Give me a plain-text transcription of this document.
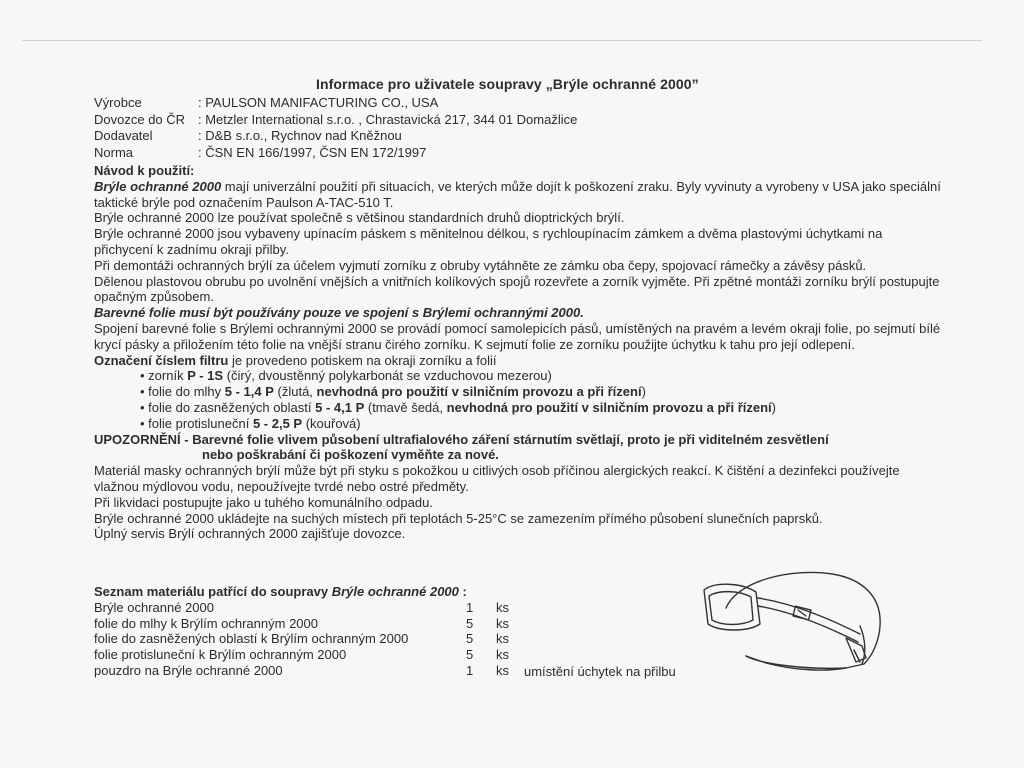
Informace pro uživatele soupravy „Brýle ochranné 2000”
Výrobce	: PAULSON MANIFACTURING CO., USA
Dovozce do ČR : Metzler International s.r.o. , Chrastavická 217, 344 01 Domažlice
Dodavatel	: D&B s.r.o., Rychnov nad Kněžnou
Norma	: ČSN EN 166/1997, ČSN EN 172/1997

Návod k použití:

Brýle ochranné 2000 mají univerzální použití při situacích, ve kterých může dojít k poškození zraku. Byly vyvinuty a vyrobeny v USA jako speciální taktické brýle pod označením Paulson A-TAC-510 T.

Brýle ochranné 2000 lze používat společně s většinou standardních druhů dioptrických brýlí.

Brýle ochranné 2000 jsou vybaveny upínacím páskem s měnitelnou délkou, s rychloupínacím zámkem a dvěma plastovými úchytkami na přichycení k zadnímu okraji přilby.

Při demontáži ochranných brýlí za účelem vyjmutí zorníku z obruby vytáhněte ze zámku oba čepy, spojovací rámečky a závěsy pásků.

Dělenou plastovou obrubu po uvolnění vnějších a vnitřních kolíkových spojů rozevřete a zorník vyjměte. Při zpětné montáži zorníku brýlí postupujte opačným způsobem.

Barevné folie musí být používány pouze ve spojení s Brýlemi ochrannými 2000.

Spojení barevné folie s Brýlemi ochrannými 2000 se provádí pomocí samolepicích pásů, umístěných na pravém a levém okraji folie, po sejmutí bílé krycí pásky a přiložením této folie na vnější stranu čirého zorníku. K sejmutí folie ze zorníku použijte úchytku k tahu pro její odlepení.

Označení číslem filtru je provedeno potiskem na okraji zorníku a folií

• zorník P - 1S (čirý, dvoustěnný polykarbonát se vzduchovou mezerou)
• folie do mlhy 5 - 1,4 P (žlutá, nevhodná pro použití v silničním provozu a při řízení)
• folie do zasněžených oblastí 5 - 4,1 P (tmavě šedá, nevhodná pro použití v silničním provozu a při řízení)
• folie protisluneční 5 - 2,5 P (kouřová)

UPOZORNĚNÍ - Barevné folie vlivem působení ultrafialového záření stárnutím světlají, proto je při viditelném zesvětlení

nebo poškrabání či poškození vyměňte za nové.

Materiál masky ochranných brýlí může být při styku s pokožkou u citlivých osob příčinou alergických reakcí. K čištění a dezinfekci používejte vlažnou mýdlovou vodu, nepoužívejte tvrdé nebo ostré předměty.

Při likvidaci postupujte jako u tuhého komunálního odpadu.

Brýle ochranné 2000 ukládejte na suchých místech při teplotách 5-25°C se zamezením přímého působení slunečních paprsků.

Úplný servis Brýlí ochranných 2000 zajišťuje dovozce.

Seznam materiálu patřící do soupravy Brýle ochranné 2000 :
Brýle ochranné 2000	1	ks
folie do mlhy k Brýlím ochranným 2000	5	ks
folie do zasněžených oblastí k Brýlím ochranným 2000	5	ks
folie protisluneční k Brýlím ochranným 2000	5	ks
pouzdro na Brýle ochranné 2000	1	ks umístění úchytek na přilbu
